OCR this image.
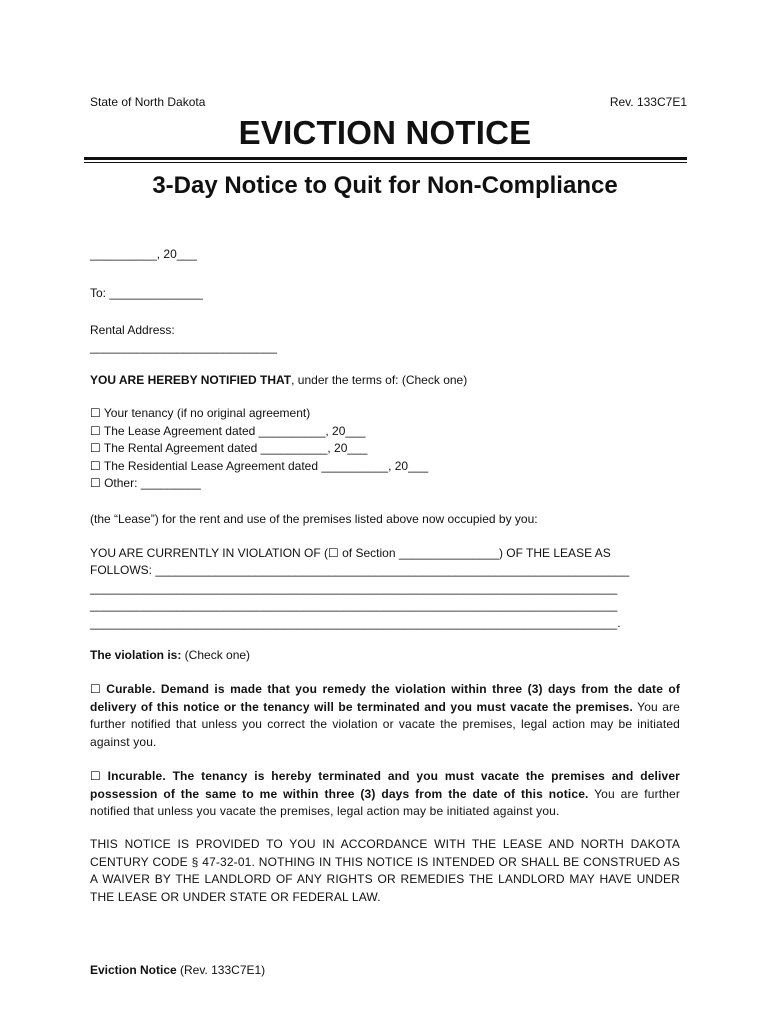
State of North Dakota	Rev. 133C7E1
EVICTION NOTICE
3-Day Notice to Quit for Non-Compliance
__________, 20___
To: ______________
Rental Address:
____________________________
YOU ARE HEREBY NOTIFIED THAT, under the terms of: (Check one)
☐ Your tenancy (if no original agreement)
☐ The Lease Agreement dated __________, 20___
☐ The Rental Agreement dated __________, 20___
☐ The Residential Lease Agreement dated __________, 20___
☐ Other: _________
(the “Lease”) for the rent and use of the premises listed above now occupied by you:
YOU ARE CURRENTLY IN VIOLATION OF (☐ of Section _______________) OF THE LEASE AS
FOLLOWS: _______________________________________________________________________
_______________________________________________________________________________
_______________________________________________________________________________
_______________________________________________________________________________.
The violation is: (Check one)
☐ Curable. Demand is made that you remedy the violation within three (3) days from the date of delivery of this notice or the tenancy will be terminated and you must vacate the premises. You are further notified that unless you correct the violation or vacate the premises, legal action may be initiated against you.
☐ Incurable. The tenancy is hereby terminated and you must vacate the premises and deliver possession of the same to me within three (3) days from the date of this notice. You are further notified that unless you vacate the premises, legal action may be initiated against you.
THIS NOTICE IS PROVIDED TO YOU IN ACCORDANCE WITH THE LEASE AND NORTH DAKOTA CENTURY CODE § 47-32-01. NOTHING IN THIS NOTICE IS INTENDED OR SHALL BE CONSTRUED AS A WAIVER BY THE LANDLORD OF ANY RIGHTS OR REMEDIES THE LANDLORD MAY HAVE UNDER THE LEASE OR UNDER STATE OR FEDERAL LAW.
Eviction Notice (Rev. 133C7E1)
